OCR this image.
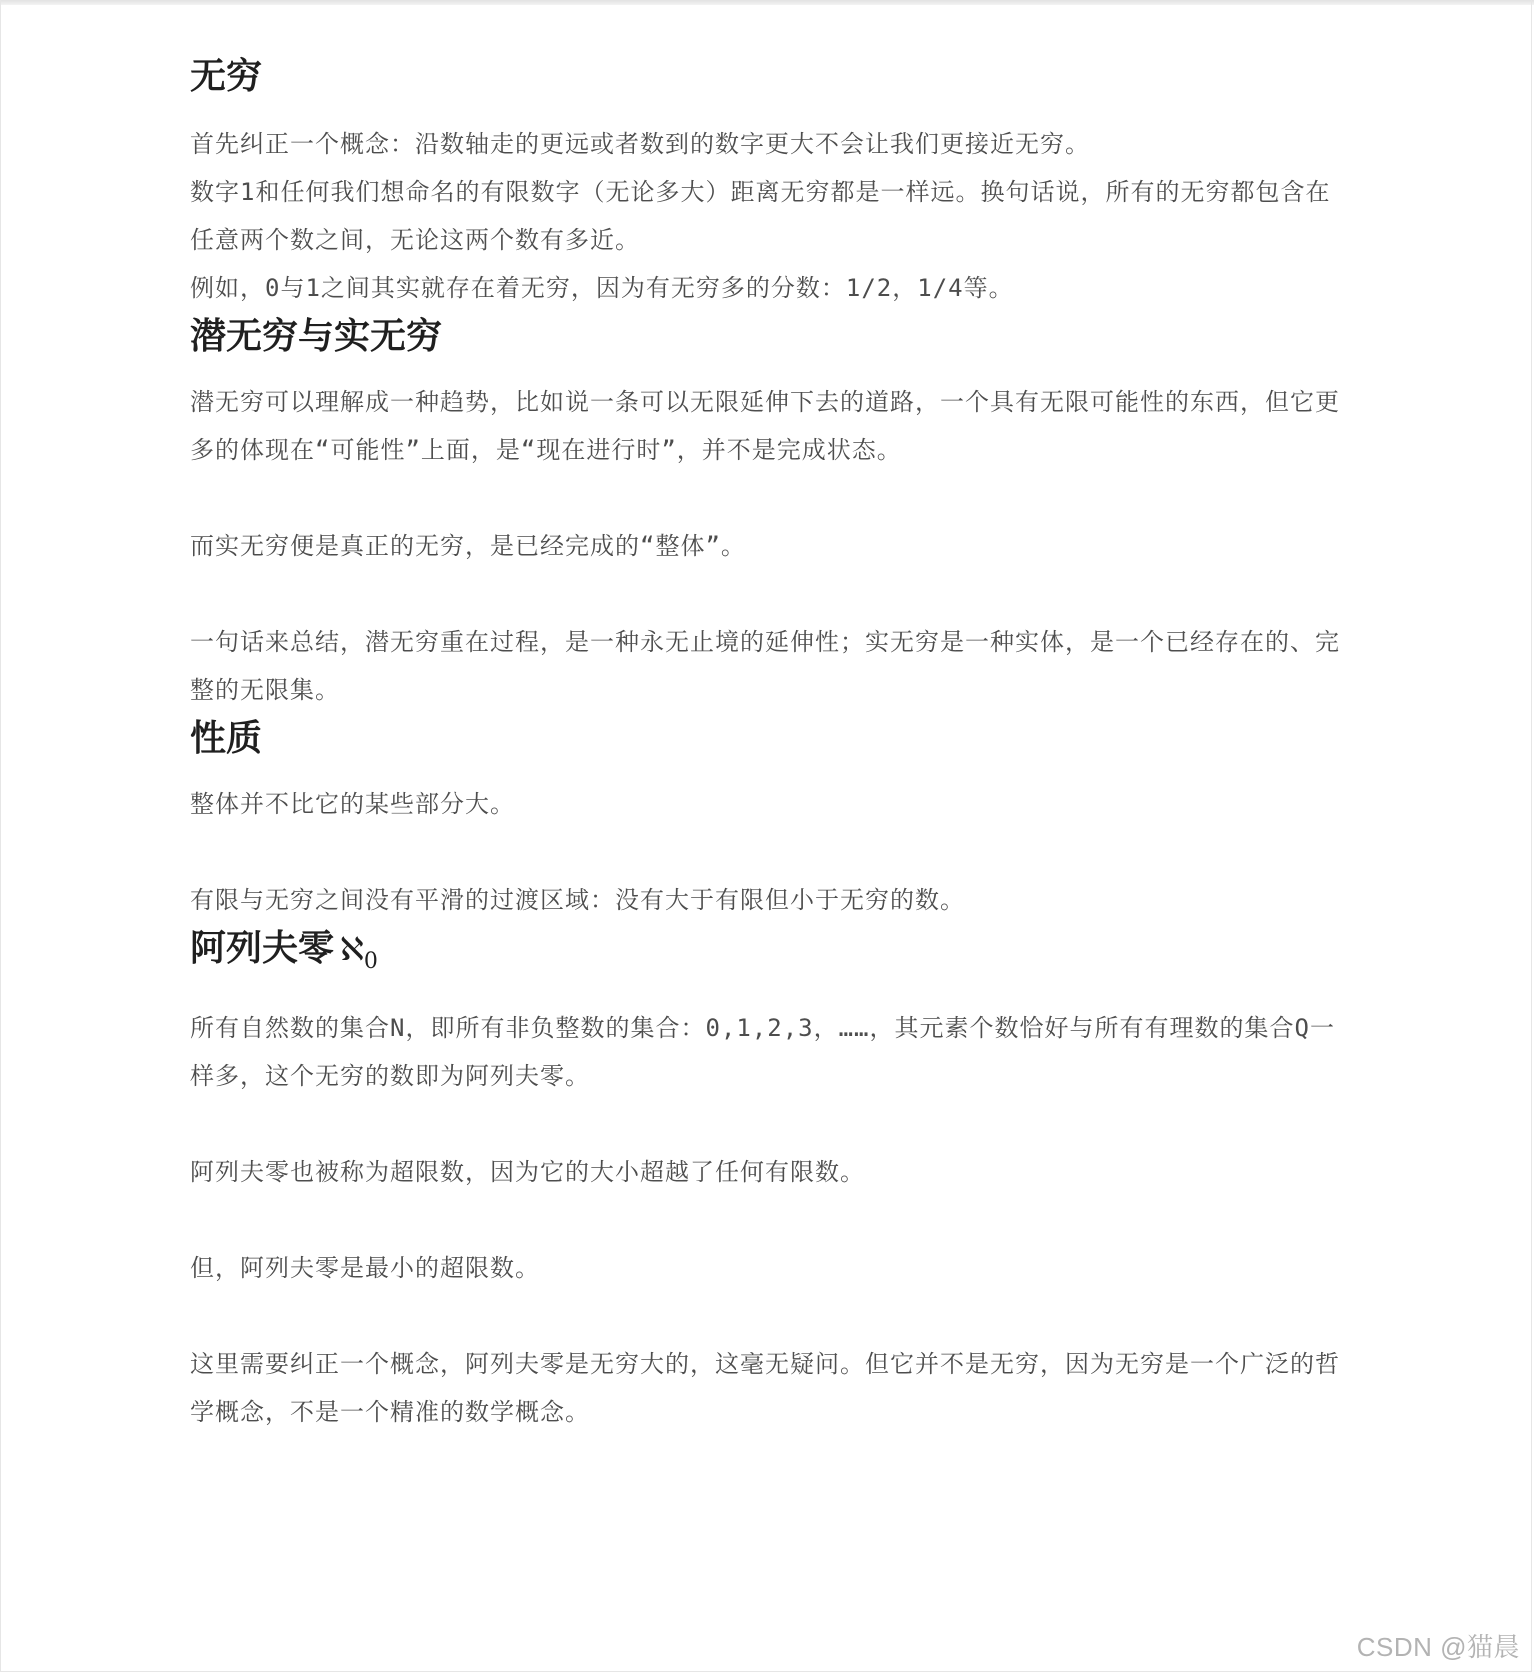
无穷

首先纠正一个概念：沿数轴走的更远或者数到的数字更大不会让我们更接近无穷。

数字1和任何我们想命名的有限数字（无论多大）距离无穷都是一样远。换句话说，所有的无穷都包含在任意两个数之间，无论这两个数有多近。

例如，0与1之间其实就存在着无穷，因为有无穷多的分数：1/2，1/4等。

潜无穷与实无穷

潜无穷可以理解成一种趋势，比如说一条可以无限延伸下去的道路，一个具有无限可能性的东西，但它更多的体现在“可能性”上面，是“现在进行时”，并不是完成状态。

而实无穷便是真正的无穷，是已经完成的“整体”。

一句话来总结，潜无穷重在过程，是一种永无止境的延伸性；实无穷是一种实体，是一个已经存在的、完整的无限集。

性质

整体并不比它的某些部分大。

有限与无穷之间没有平滑的过渡区域：没有大于有限但小于无穷的数。

阿列夫零 ℵ$_0$

所有自然数的集合N，即所有非负整数的集合：0,1,2,3，……，其元素个数恰好与所有有理数的集合Q一样多，这个无穷的数即为阿列夫零。

阿列夫零也被称为超限数，因为它的大小超越了任何有限数。

但，阿列夫零是最小的超限数。

这里需要纠正一个概念，阿列夫零是无穷大的，这毫无疑问。但它并不是无穷，因为无穷是一个广泛的哲学概念，不是一个精准的数学概念。

CSDN @猫晨
